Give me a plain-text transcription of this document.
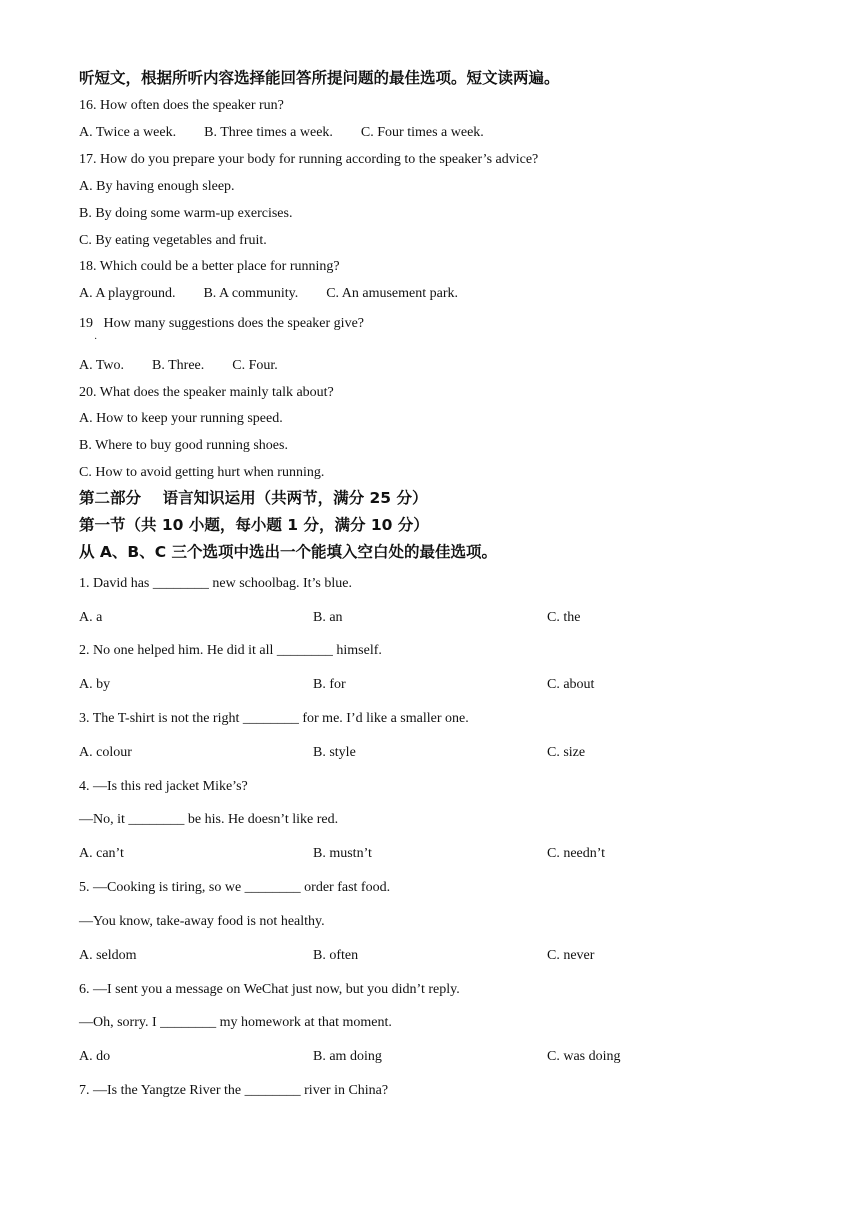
听短文，根据所听内容选择能回答所提问题的最佳选项。短文读两遍。
16. How often does the speaker run?
A. Twice a week.        B. Three times a week.        C. Four times a week.
17. How do you prepare your body for running according to the speaker’s advice?
A. By having enough sleep.
B. By doing some warm-up exercises.
C. By eating vegetables and fruit.
18. Which could be a better place for running?
A. A playground.        B. A community.        C. An amusement park.
19   How many suggestions does the speaker give?
·
A. Two.        B. Three.        C. Four.
20. What does the speaker mainly talk about?
A. How to keep your running speed.
B. Where to buy good running shoes.
C. How to avoid getting hurt when running.
第二部分    语言知识运用（共两节，满分 25 分）
第一节（共 10 小题，每小题 1 分，满分 10 分）
从 A、B、C 三个选项中选出一个能填入空白处的最佳选项。
1. David has ________ new schoolbag. It’s blue.
A. a	B. an	C. the
2. No one helped him. He did it all ________ himself.
A. by	B. for	C. about
3. The T-shirt is not the right ________ for me. I’d like a smaller one.
A. colour	B. style	C. size
4. —Is this red jacket Mike’s?
—No, it ________ be his. He doesn’t like red.
A. can’t	B. mustn’t	C. needn’t
5. —Cooking is tiring, so we ________ order fast food.
—You know, take-away food is not healthy.
A. seldom	B. often	C. never
6. —I sent you a message on WeChat just now, but you didn’t reply.
—Oh, sorry. I ________ my homework at that moment.
A. do	B. am doing	C. was doing
7. —Is the Yangtze River the ________ river in China?
